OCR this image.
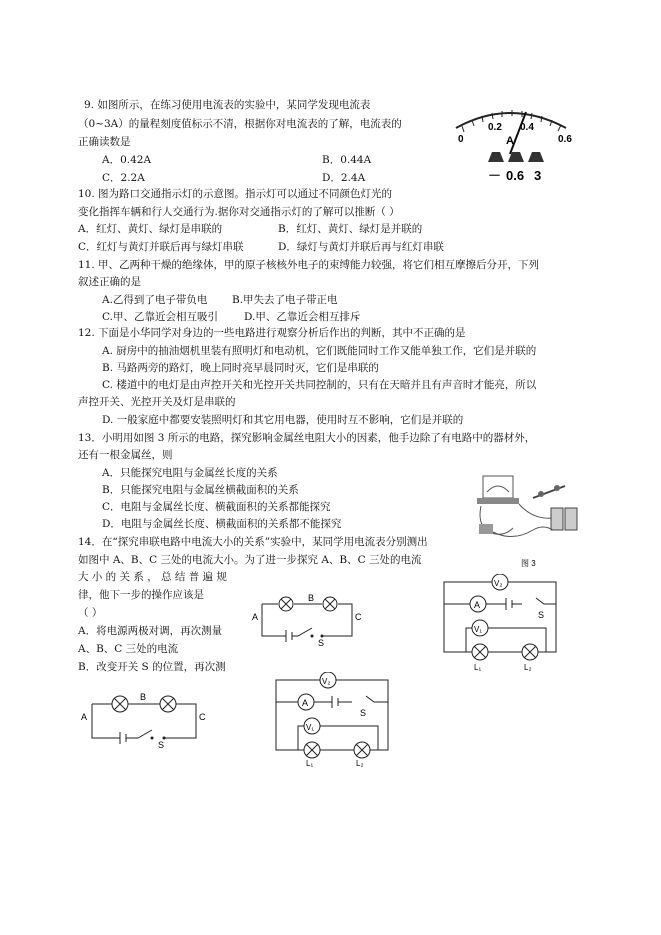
9. 如图所示，在练习使用电流表的实验中，某同学发现电流表
（0~3A）的量程刻度值标示不清，根据你对电流表的了解，电流表的
正确读数是
A．0.42A	B．0.44A
C．2.2A	D．2.4A
0
0.2 0.4
0.6
A
－ 0.6 3
10. 图为路口交通指示灯的示意图。指示灯可以通过不同颜色灯光的
变化指挥车辆和行人交通行为.据你对交通指示灯的了解可以推断（ ）
A．红灯、黄灯、绿灯是串联的	B．红灯、黄灯、绿灯是并联的
C．红灯与黄灯并联后再与绿灯串联	D．绿灯与黄灯并联后再与红灯串联
11. 甲、乙两种干燥的绝缘体，甲的原子核核外电子的束缚能力较强，将它们相互摩擦后分开，下列
叙述正确的是
A.乙得到了电子带负电 B.甲失去了电子带正电
C.甲、乙靠近会相互吸引 D.甲、乙靠近会相互排斥
12. 下面是小华同学对身边的一些电路进行观察分析后作出的判断，其中不正确的是
A. 厨房中的抽油烟机里装有照明灯和电动机，它们既能同时工作又能单独工作，它们是并联的
B. 马路两旁的路灯，晚上同时亮早晨同时灭，它们是串联的
C. 楼道中的电灯是由声控开关和光控开关共同控制的，只有在天暗并且有声音时才能亮，所以
声控开关、光控开关及灯是串联的
D. 一般家庭中都要安装照明灯和其它用电器，使用时互不影响，它们是并联的
13．小明用如图 3 所示的电路，探究影响金属丝电阻大小的因素，他手边除了有电路中的器材外，
还有一根金属丝，则
A．只能探究电阻与金属丝长度的关系
B．只能探究电阻与金属丝横截面积的关系
C．电阻与金属丝长度、横截面积的关系都能探究
D．电阻与金属丝长度、横截面积的关系都不能探究
图 3
14．在“探究串联电路中电流大小的关系”实验中，某同学用电流表分别测出
如图中 A、B、C 三处的电流大小。为了进一步探究 A、B、C 三处的电流
大 小 的 关 系 ， 总 结 普 遍 规
律，他下一步的操作应该是
（ ）
A．将电源两极对调，再次测量
A、B、C 三处的电流
B．改变开关 S 的位置，再次测
A
B
C
S
V₂
A
V₁
S
L₁	L₂
A
B
C
S
V₂
A
V₁
S
L₁	L₂
